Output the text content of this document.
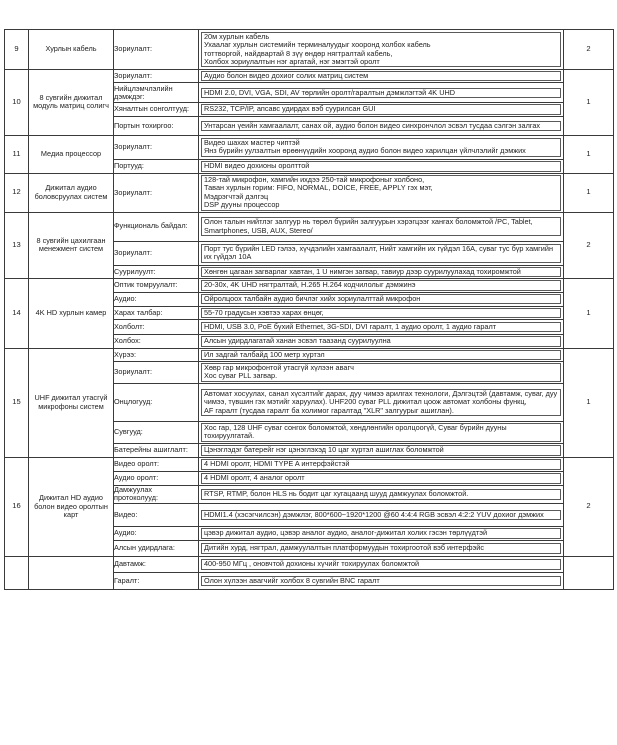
9	Хурлын кабель	Зориулалт:	20м хурлын кабель
Ухаалаг хурлын системийн терминалуудыг хооронд холбох кабель
тоттворгой, найдвартай 8 зүү өндөр нягтралтай кабель,
Холбох зориулалтын нэг аргатай, нэг эмэгтэй оролт	2
10	8 сувгийн дижитал модуль матриц солигч	Зориулалт:	Аудио болон видео дохиог солих матриц систем	1
		Нийцлэмчлэлийн дэмждэг:	HDMI 2.0, DVI, VGA, SDI, AV төрлийн оролт/гаралтын дэмжлэгтэй 4K UHD	

		Хяналтын сонголтууд:	RS232, TCP/IP, апсавс удирдах вэб суурилсан GUI	

		Портын тохиргоо:	Унтарсан үеийн хамгаалалт, санах ой, аудио болон видео синхрончлол эсвэл тусдаа сэлгэн залгах	

11	Медиа процессор	Зориулалт:	Видео шахах мастер чиптэй
Янз бүрийн уулзалтын өрөөнүүдийн хооронд аудио болон видео харилцан үйлчлэлийг дэмжих	1
		Портууд:	HDMI видео дохионы оролттой	

12	Дижитал аудио боловсруулах систем	Зориулалт:	128-тай микрофон, хамгийн ихдээ 250-тай микрофоныг холбоно,
Таван хурлын горим: FIFO, NORMAL, DOICE, FREE, APPLY гэх мэт,
Мэдрэгчтэй дэлгэц
DSP дууны процессор	1
13	8 сувгийн цахилгаан менежмент систем	Функциональ байдал:	Олон талын нийтлэг залгуур нь төрөл бүрийн залгуурын хэрэгцээг хангах боломжтой /PC, Tablet, Smartphones, USB, AUX, Stereo/	2
		Зориулалт:	Порт тус бүрийн LED гэлээ, хүчдэлийн хамгаалалт, Нийт хамгийн их гүйдэл 16A, суваг тус бүр хамгийн их гүйдэл 10A	

		Суурилуулт:	Хөнгөн цагаан загварлаг хавтан, 1 U нимгэн загвар, тавиур дээр суурилуулахад тохиромжтой	

14	4K HD хурлын камер	Оптик томруулалт:	20-30х, 4K UHD нягтралтай, H.265 H.264 кодчилолыг дэмжинэ	1
		Аудио:	Ойролцоох талбайн аудио бичлэг хийх зориулалттай микрофон	

		Харах талбар:	55-70 градусын хэвтээ харах өнцөг,	

		Холболт:	HDMI, USB 3.0, PoE бүхий Ethernet, 3G-SDI, DVI гаралт, 1 аудио оролт, 1 аудио гаралт	

		Холбох:	Алсын удирдлагатай ханан эсвэл таазанд суурилуулна	

15	UHF дижитал утасгүй микрофоны систем	Хүрээ:	Ил задгай талбайд 100 метр хүртэл	1
		Зориулалт:	Хөвр гар микрофонтой утасгүй хүлээн авагч
Хос суваг PLL загвар.	

		Онцлогууд:	Автомат хосуулах, санал хүсэлтийг дарах, дуу чимээ арилгах технологи, Дэлгэцтэй (давтамж, суваг, дуу чимээ, түвшин гэх мэтийг харуулах). UHF200 суваг PLL дижитал цоож автомат холбоны функц,
AF гаралт (тусдаа гаралт ба холимог гаралтад "XLR" залгуурыг ашиглан).	

		Сувгууд:	Хос гар, 128 UHF суваг сонгох боломжтой, хөндлөнгийн оролцоогүй, Суваг бүрийн дууны тохируулгатай.	

		Батерейны ашиглалт:	Цэнэглэдэг батерейг нэг цэнэглэхэд 10 цаг хүртэл ашиглах боломжтой	

16	Дижитал HD аудио болон видео оролтын карт	Видео оролт:	4 HDMI оролт, HDMI TYPE A интерфэйстэй	2
		Аудио оролт:	4 HDMI оролт, 4 аналог оролт	

		Дамжуулах протоколууд:	RTSP, RTMP, болон HLS нь бодит цаг хугацаанд шууд дамжуулах боломжтой.	

		Видео:	HDMI1.4 (хэсэгчилсэн) дэмжлэг, 800*600~1920*1200 @60 4:4:4 RGB эсвэл 4:2:2 YUV дохиог дэмжих	

		Аудио:	цэвэр дижитал аудио, цэвэр аналог аудио, аналог-дижитал холих гэсэн төрлүүдтэй	

		Алсын удирдлага:	Дитийн хурд, нягтрал, дамжуулалтын платформуудын тохиргоотой вэб интерфэйс	

		Давтамж:	400-950 МГц , оновчтой дохионы хүчийг тохируулах боломжтой	

		Гаралт:	Олон хүлээн авагчийг холбох 8 сувгийн BNC гаралт	
